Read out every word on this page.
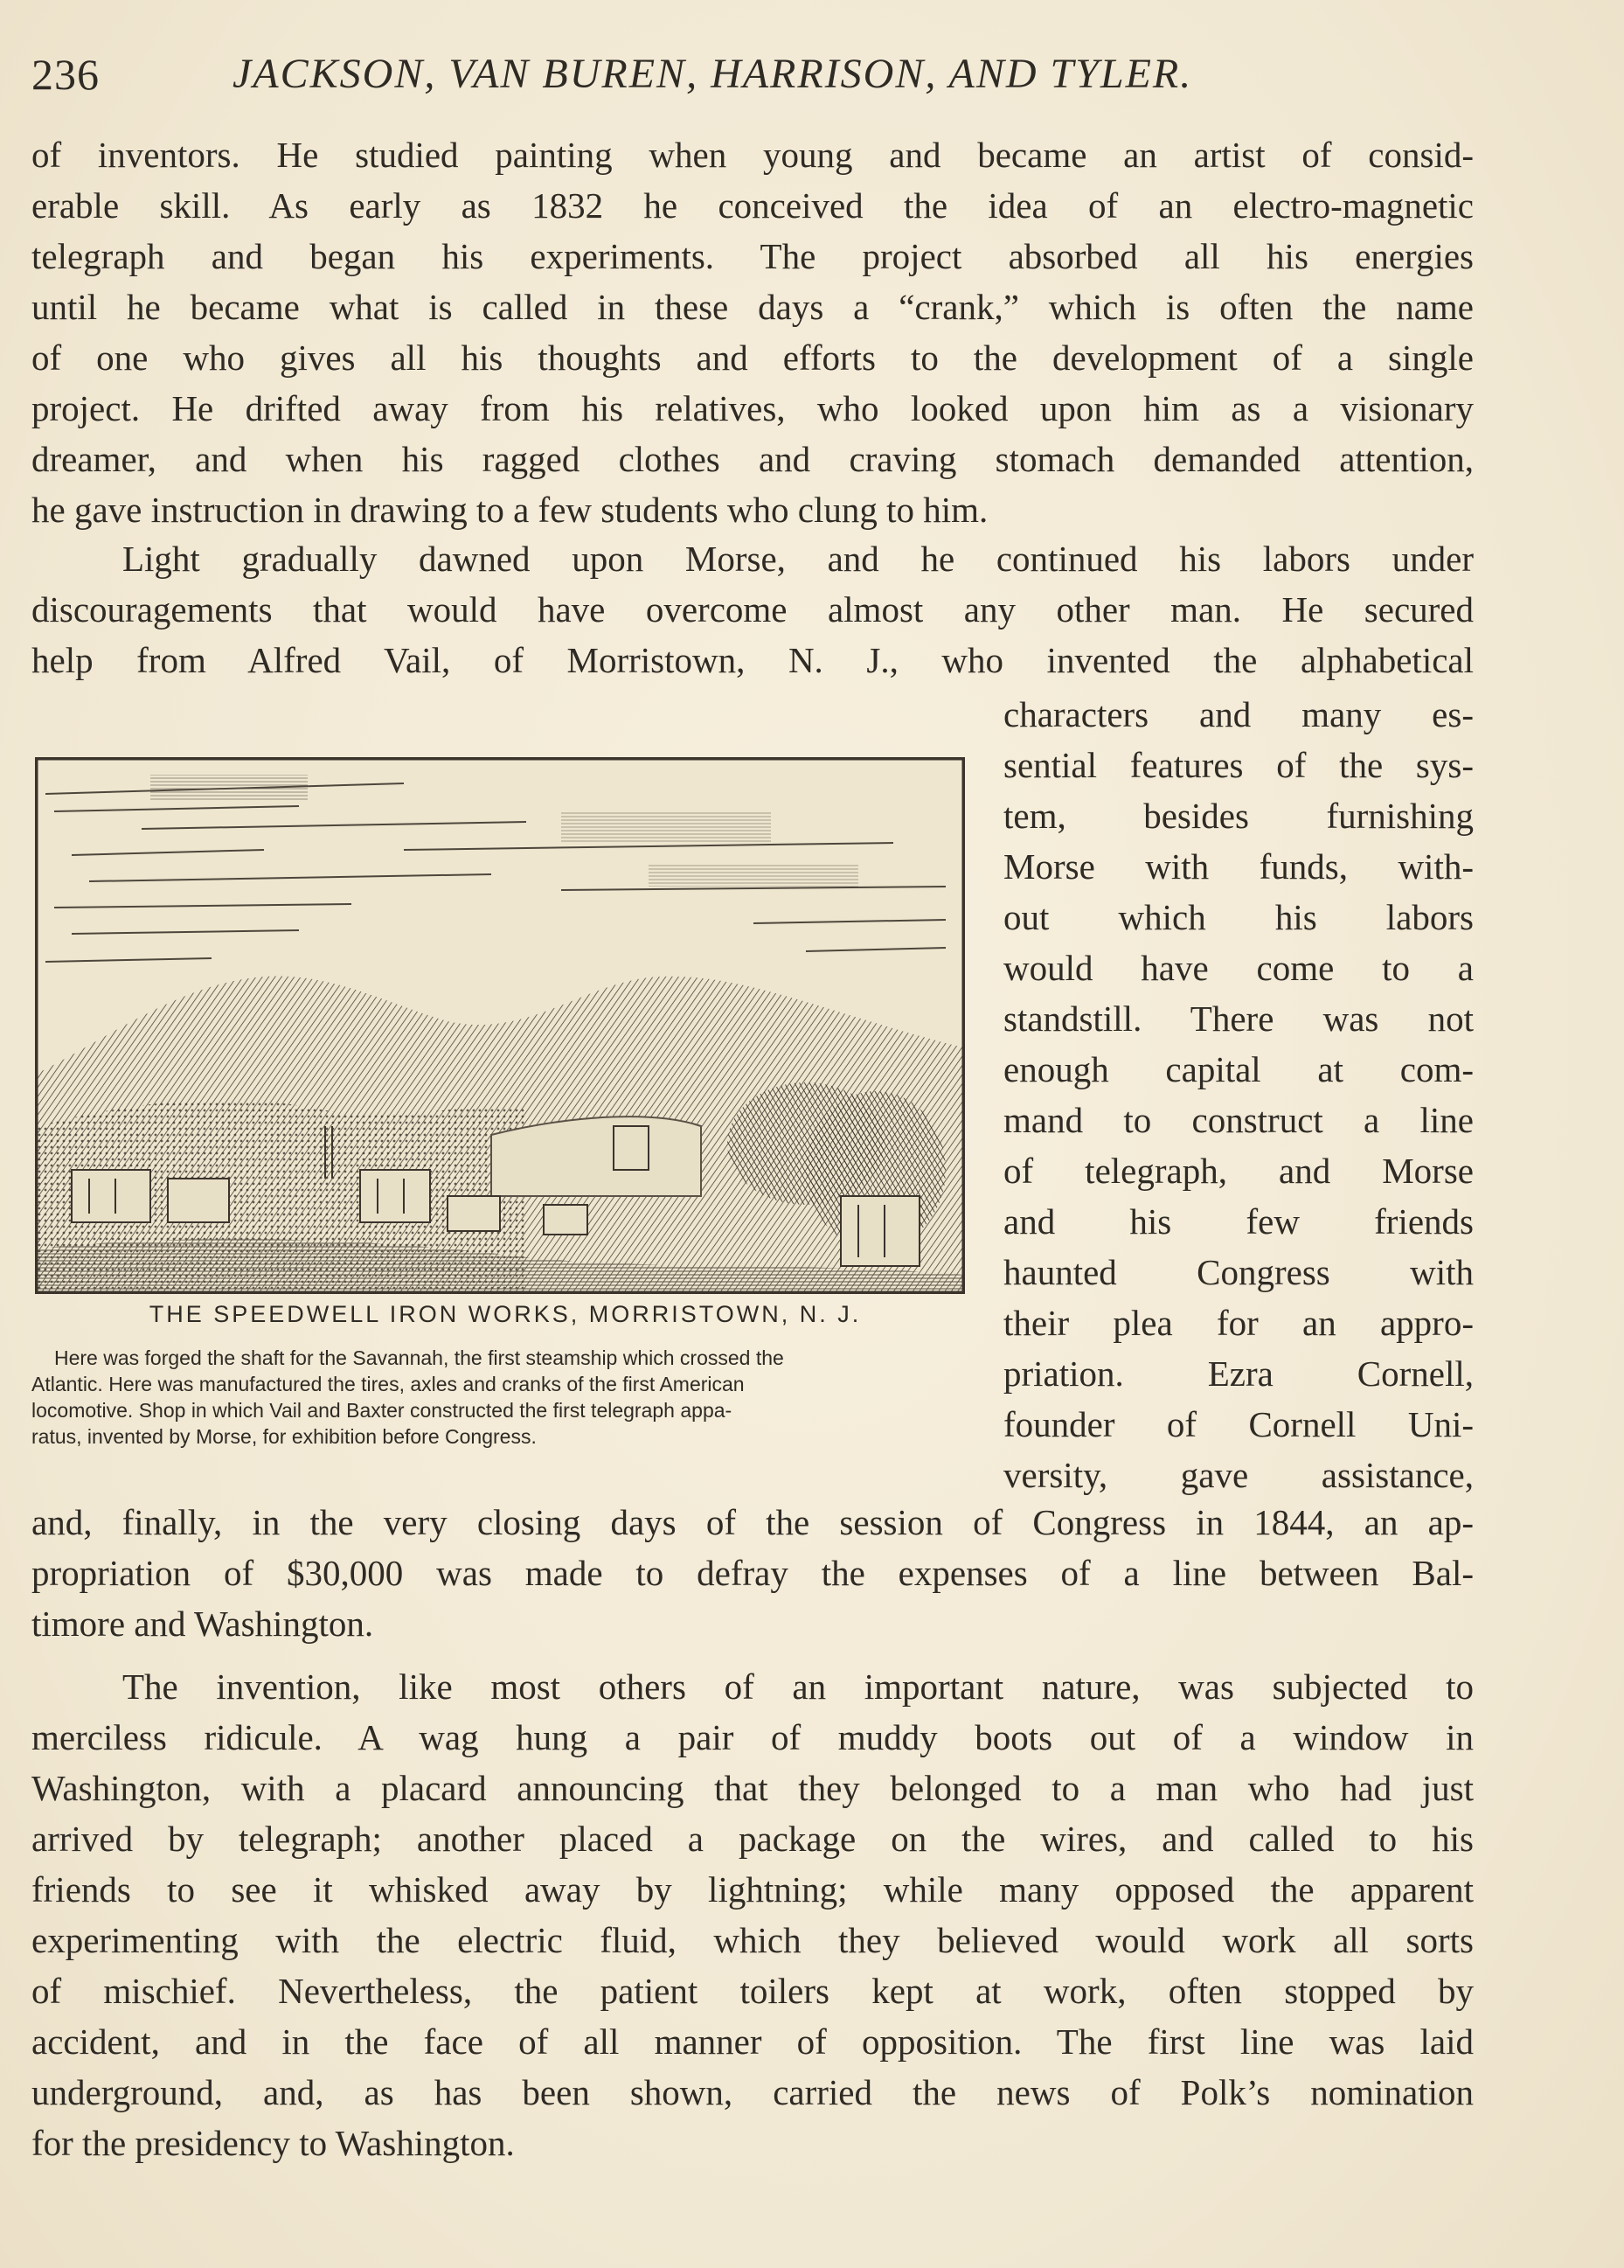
236	JACKSON, VAN BUREN, HARRISON, AND TYLER.

of inventors. He studied painting when young and became an artist of consid-
erable skill. As early as 1832 he conceived the idea of an electro-magnetic
telegraph and began his experiments. The project absorbed all his energies
until he became what is called in these days a “crank,” which is often the name
of one who gives all his thoughts and efforts to the development of a single
project. He drifted away from his relatives, who looked upon him as a visionary
dreamer, and when his ragged clothes and craving stomach demanded attention,
he gave instruction in drawing to a few students who clung to him.

Light gradually dawned upon Morse, and he continued his labors under
discouragements that would have overcome almost any other man. He secured
help from Alfred Vail, of Morristown, N. J., who invented the alphabetical

characters and many es-
sential features of the sys-
tem, besides furnishing
Morse with funds, with-
out which his labors
would have come to a
standstill. There was not
enough capital at com-
mand to construct a line
of telegraph, and Morse
and his few friends
haunted Congress with
their plea for an appro-
priation. Ezra Cornell,
founder of Cornell Uni-
versity, gave assistance,

THE SPEEDWELL IRON WORKS, MORRISTOWN, N. J.

Here was forged the shaft for the Savannah, the first steamship which crossed the
Atlantic. Here was manufactured the tires, axles and cranks of the first American
locomotive. Shop in which Vail and Baxter constructed the first telegraph appa-
ratus, invented by Morse, for exhibition before Congress.

and, finally, in the very closing days of the session of Congress in 1844, an ap-
propriation of $30,000 was made to defray the expenses of a line between Bal-
timore and Washington.

The invention, like most others of an important nature, was subjected to
merciless ridicule. A wag hung a pair of muddy boots out of a window in
Washington, with a placard announcing that they belonged to a man who had just
arrived by telegraph; another placed a package on the wires, and called to his
friends to see it whisked away by lightning; while many opposed the apparent
experimenting with the electric fluid, which they believed would work all sorts
of mischief. Nevertheless, the patient toilers kept at work, often stopped by
accident, and in the face of all manner of opposition. The first line was laid
underground, and, as has been shown, carried the news of Polk’s nomination
for the presidency to Washington.
